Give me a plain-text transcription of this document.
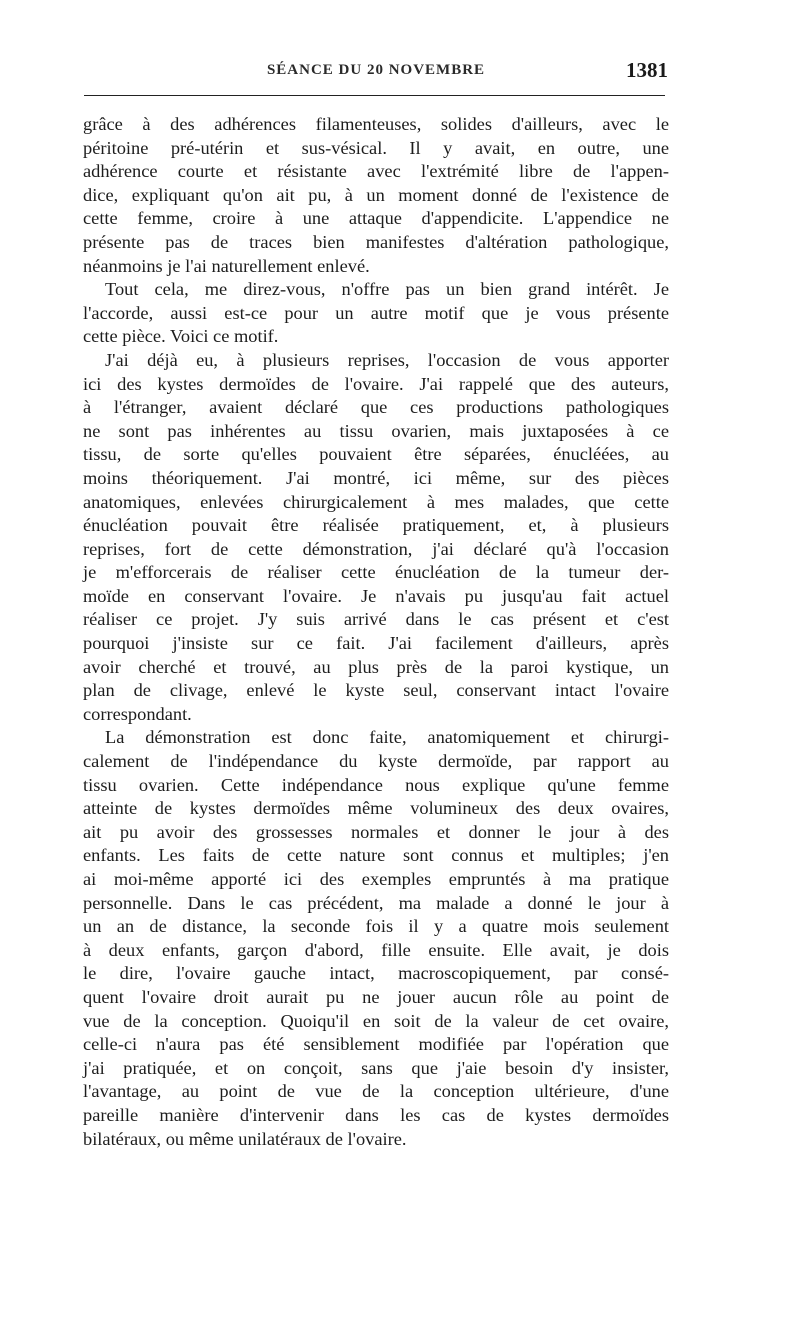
SÉANCE DU 20 NOVEMBRE	1381
grâce à des adhérences filamenteuses, solides d'ailleurs, avec le
péritoine pré-utérin et sus-vésical. Il y avait, en outre, une
adhérence courte et résistante avec l'extrémité libre de l'appen-
dice, expliquant qu'on ait pu, à un moment donné de l'existence de
cette femme, croire à une attaque d'appendicite. L'appendice ne
présente pas de traces bien manifestes d'altération pathologique,
néanmoins je l'ai naturellement enlevé.
Tout cela, me direz-vous, n'offre pas un bien grand intérêt. Je
l'accorde, aussi est-ce pour un autre motif que je vous présente
cette pièce. Voici ce motif.
J'ai déjà eu, à plusieurs reprises, l'occasion de vous apporter
ici des kystes dermoïdes de l'ovaire. J'ai rappelé que des auteurs,
à l'étranger, avaient déclaré que ces productions pathologiques
ne sont pas inhérentes au tissu ovarien, mais juxtaposées à ce
tissu, de sorte qu'elles pouvaient être séparées, énucléées, au
moins théoriquement. J'ai montré, ici même, sur des pièces
anatomiques, enlevées chirurgicalement à mes malades, que cette
énucléation pouvait être réalisée pratiquement, et, à plusieurs
reprises, fort de cette démonstration, j'ai déclaré qu'à l'occasion
je m'efforcerais de réaliser cette énucléation de la tumeur der-
moïde en conservant l'ovaire. Je n'avais pu jusqu'au fait actuel
réaliser ce projet. J'y suis arrivé dans le cas présent et c'est
pourquoi j'insiste sur ce fait. J'ai facilement d'ailleurs, après
avoir cherché et trouvé, au plus près de la paroi kystique, un
plan de clivage, enlevé le kyste seul, conservant intact l'ovaire
correspondant.
La démonstration est donc faite, anatomiquement et chirurgi-
calement de l'indépendance du kyste dermoïde, par rapport au
tissu ovarien. Cette indépendance nous explique qu'une femme
atteinte de kystes dermoïdes même volumineux des deux ovaires,
ait pu avoir des grossesses normales et donner le jour à des
enfants. Les faits de cette nature sont connus et multiples; j'en
ai moi-même apporté ici des exemples empruntés à ma pratique
personnelle. Dans le cas précédent, ma malade a donné le jour à
un an de distance, la seconde fois il y a quatre mois seulement
à deux enfants, garçon d'abord, fille ensuite. Elle avait, je dois
le dire, l'ovaire gauche intact, macroscopiquement, par consé-
quent l'ovaire droit aurait pu ne jouer aucun rôle au point de
vue de la conception. Quoiqu'il en soit de la valeur de cet ovaire,
celle-ci n'aura pas été sensiblement modifiée par l'opération que
j'ai pratiquée, et on conçoit, sans que j'aie besoin d'y insister,
l'avantage, au point de vue de la conception ultérieure, d'une
pareille manière d'intervenir dans les cas de kystes dermoïdes
bilatéraux, ou même unilatéraux de l'ovaire.
